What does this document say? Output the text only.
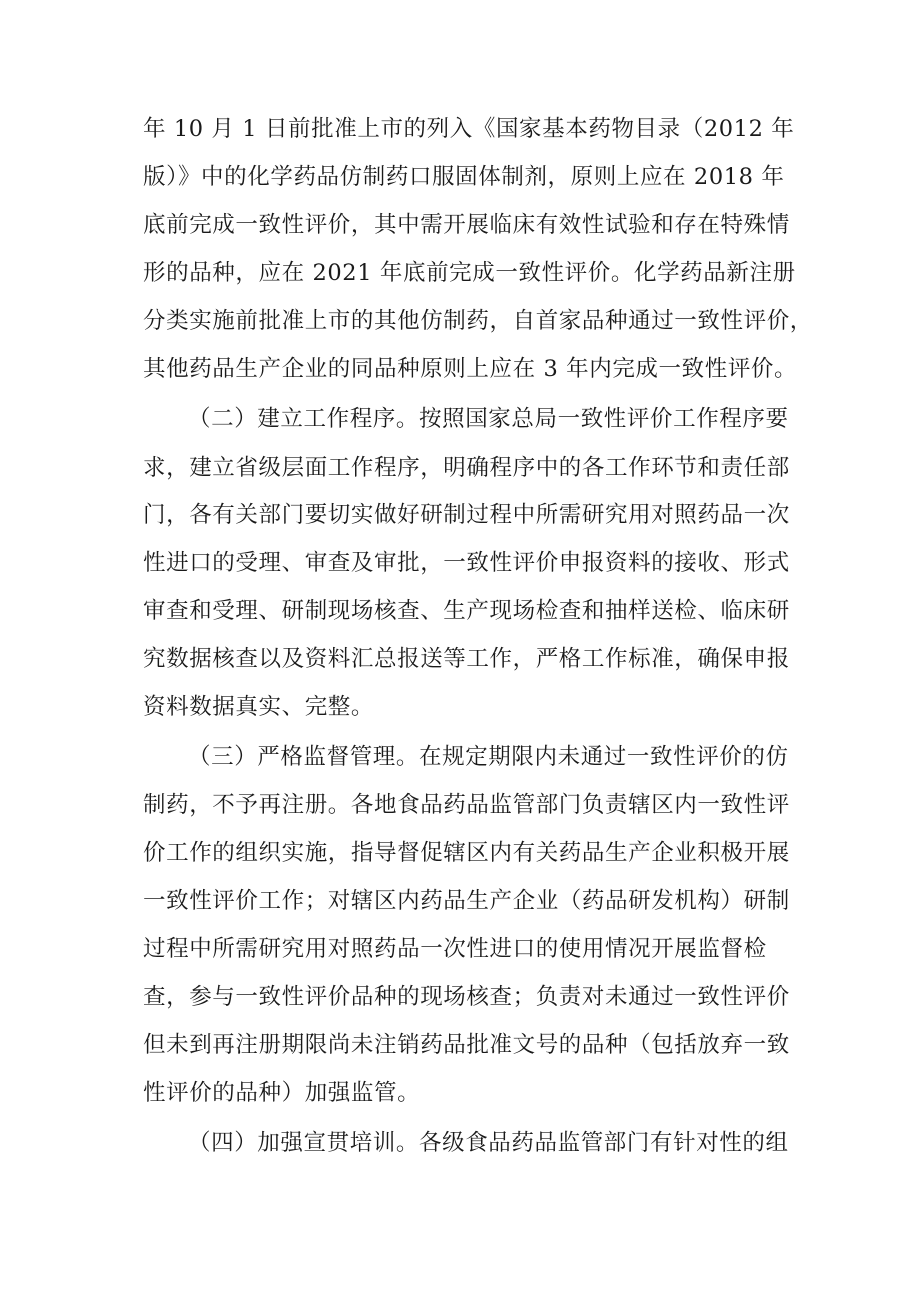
年 10 月 1 日前批准上市的列入《国家基本药物目录（2012 年
版）》中的化学药品仿制药口服固体制剂，原则上应在 2018 年
底前完成一致性评价，其中需开展临床有效性试验和存在特殊情
形的品种，应在 2021 年底前完成一致性评价。化学药品新注册
分类实施前批准上市的其他仿制药，自首家品种通过一致性评价，
其他药品生产企业的同品种原则上应在 3 年内完成一致性评价。
（二）建立工作程序。按照国家总局一致性评价工作程序要
求，建立省级层面工作程序，明确程序中的各工作环节和责任部
门，各有关部门要切实做好研制过程中所需研究用对照药品一次
性进口的受理、审查及审批，一致性评价申报资料的接收、形式
审查和受理、研制现场核查、生产现场检查和抽样送检、临床研
究数据核查以及资料汇总报送等工作，严格工作标准，确保申报
资料数据真实、完整。
（三）严格监督管理。在规定期限内未通过一致性评价的仿
制药，不予再注册。各地食品药品监管部门负责辖区内一致性评
价工作的组织实施，指导督促辖区内有关药品生产企业积极开展
一致性评价工作；对辖区内药品生产企业（药品研发机构）研制
过程中所需研究用对照药品一次性进口的使用情况开展监督检
查，参与一致性评价品种的现场核查；负责对未通过一致性评价
但未到再注册期限尚未注销药品批准文号的品种（包括放弃一致
性评价的品种）加强监管。
（四）加强宣贯培训。各级食品药品监管部门有针对性的组
